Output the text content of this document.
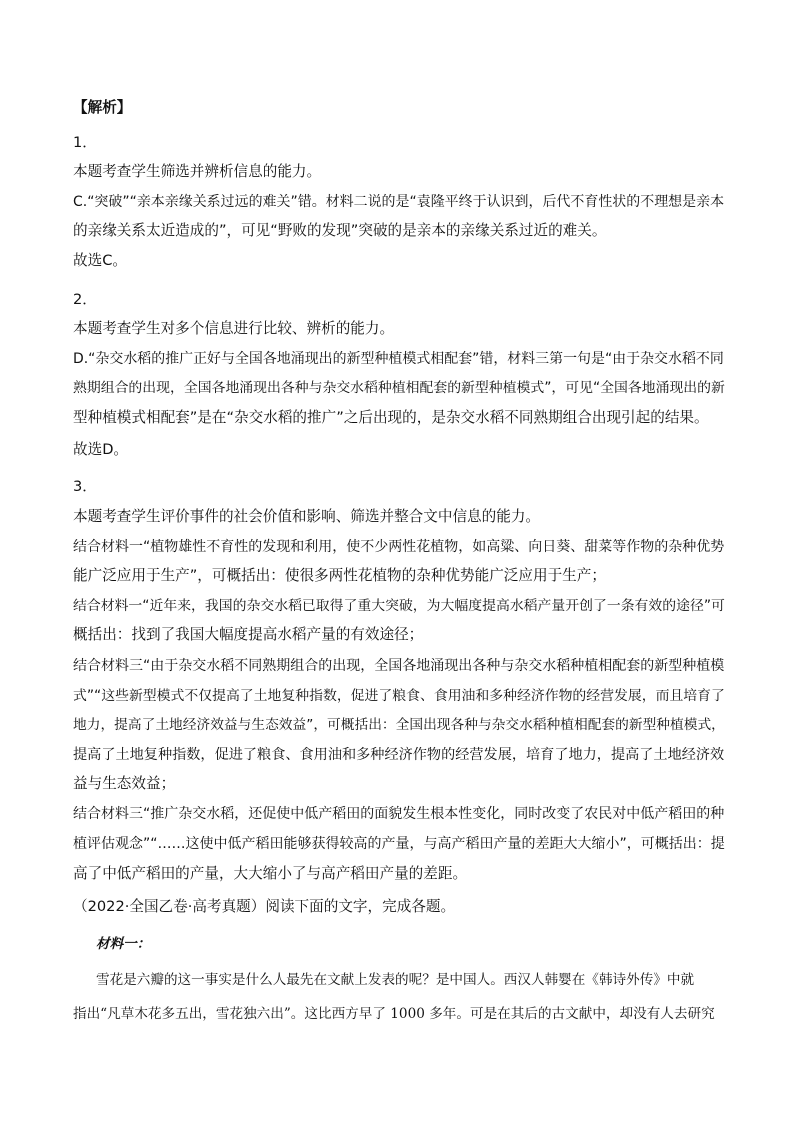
【解析】
1．
本题考查学生筛选并辨析信息的能力。
C.“突破”“亲本亲缘关系过远的难关”错。材料二说的是“袁隆平终于认识到，后代不育性状的不理想是亲本
的亲缘关系太近造成的”，可见“野败的发现”突破的是亲本的亲缘关系过近的难关。
故选C。
2．
本题考查学生对多个信息进行比较、辨析的能力。
D.“杂交水稻的推广正好与全国各地涌现出的新型种植模式相配套”错，材料三第一句是“由于杂交水稻不同
熟期组合的出现，全国各地涌现出各种与杂交水稻种植相配套的新型种植模式”，可见“全国各地涌现出的新
型种植模式相配套”是在“杂交水稻的推广”之后出现的，是杂交水稻不同熟期组合出现引起的结果。
故选D。
3．
本题考查学生评价事件的社会价值和影响、筛选并整合文中信息的能力。
结合材料一“植物雄性不育性的发现和利用，使不少两性花植物，如高粱、向日葵、甜菜等作物的杂种优势
能广泛应用于生产”，可概括出：使很多两性花植物的杂种优势能广泛应用于生产；
结合材料一“近年来，我国的杂交水稻已取得了重大突破，为大幅度提高水稻产量开创了一条有效的途径”可
概括出：找到了我国大幅度提高水稻产量的有效途径；
结合材料三“由于杂交水稻不同熟期组合的出现，全国各地涌现出各种与杂交水稻种植相配套的新型种植模
式”“这些新型模式不仅提高了土地复种指数，促进了粮食、食用油和多种经济作物的经营发展，而且培育了
地力，提高了土地经济效益与生态效益”，可概括出：全国出现各种与杂交水稻种植相配套的新型种植模式，
提高了土地复种指数，促进了粮食、食用油和多种经济作物的经营发展，培育了地力，提高了土地经济效
益与生态效益；
结合材料三“推广杂交水稻，还促使中低产稻田的面貌发生根本性变化，同时改变了农民对中低产稻田的种
植评估观念”“……这使中低产稻田能够获得较高的产量，与高产稻田产量的差距大大缩小”，可概括出：提
高了中低产稻田的产量，大大缩小了与高产稻田产量的差距。
（2022·全国乙卷·高考真题）阅读下面的文字，完成各题。
材料一：
雪花是六瓣的这一事实是什么人最先在文献上发表的呢？是中国人。西汉人韩婴在《韩诗外传》中就
指出“凡草木花多五出，雪花独六出”。这比西方早了 1000 多年。可是在其后的古文献中，却没有人去研究
